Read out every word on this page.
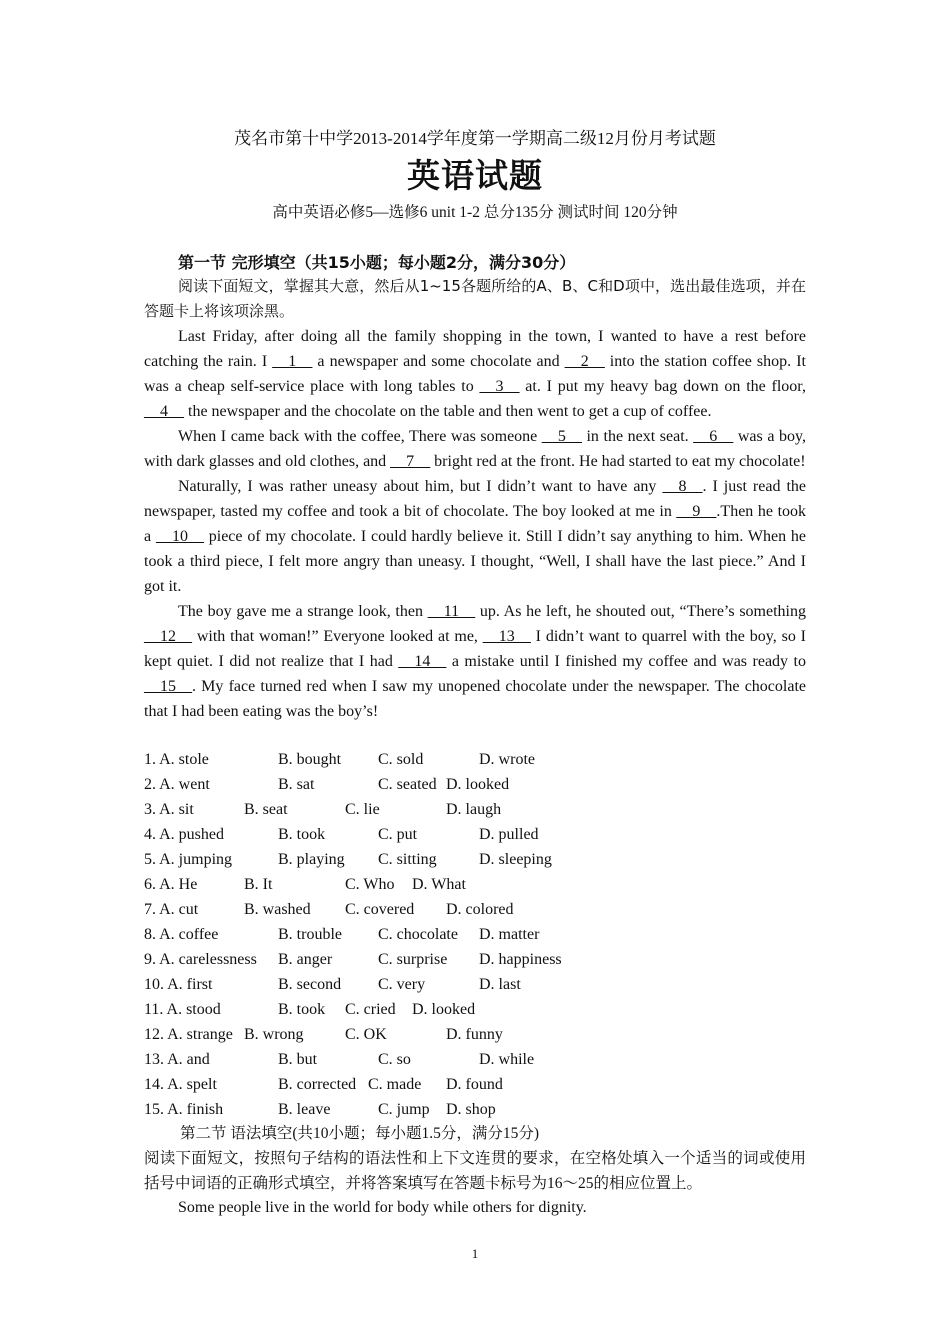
茂名市第十中学2013-2014学年度第一学期高二级12月份月考试题
英语试题
高中英语必修5—选修6 unit 1-2 总分135分 测试时间 120分钟
第一节 完形填空（共15小题；每小题2分，满分30分）
阅读下面短文，掌握其大意，然后从1~15各题所给的A、B、C和D项中，选出最佳选项，并在答题卡上将该项涂黑。

Last Friday, after doing all the family shopping in the town, I wanted to have a rest before catching the rain. I __1__ a newspaper and some chocolate and __2__ into the station coffee shop. It was a cheap self-service place with long tables to __3__ at. I put my heavy bag down on the floor, __4__ the newspaper and the chocolate on the table and then went to get a cup of coffee.

When I came back with the coffee, There was someone __5__ in the next seat. __6__ was a boy, with dark glasses and old clothes, and __7__ bright red at the front. He had started to eat my chocolate!

Naturally, I was rather uneasy about him, but I didn’t want to have any __8__. I just read the newspaper, tasted my coffee and took a bit of chocolate. The boy looked at me in __9__.Then he took a __10__ piece of my chocolate. I could hardly believe it. Still I didn’t say anything to him. When he took a third piece, I felt more angry than uneasy. I thought, “Well, I shall have the last piece.” And I got it.

The boy gave me a strange look, then __11__ up. As he left, he shouted out, “There’s something __12__ with that woman!” Everyone looked at me, __13__ I didn’t want to quarrel with the boy, so I kept quiet. I did not realize that I had __14__ a mistake until I finished my coffee and was ready to __15__. My face turned red when I saw my unopened chocolate under the newspaper. The chocolate that I had been eating was the boy’s!

1. A. stole	B. bought C. sold	D. wrote
2. A. went	B. sat	C. seated D. looked
3. A. sit	B. seat	C. lie	D. laugh
4. A. pushed	B. took	C. put	D. pulled
5. A. jumping	B. playing C. sitting	D. sleeping
6. A. He	B. It	C. Who D. What
7. A. cut	B. washed C. covered D. colored
8. A. coffee	B. trouble C. chocolate D. matter
9. A. carelessness B. anger	C. surprise D. happiness
10. A. first	B. second C. very	D. last
11. A. stood	B. took C. cried D. looked
12. A. strange B. wrong	C. OK	D. funny
13. A. and	B. but	C. so	D. while
14. A. spelt	B. corrected C. made D. found
15. A. finish	B. leave	C. jump D. shop
第二节 语法填空(共10小题；每小题1.5分，满分15分)
阅读下面短文，按照句子结构的语法性和上下文连贯的要求，在空格处填入一个适当的词或使用括号中词语的正确形式填空，并将答案填写在答题卡标号为16～25的相应位置上。
Some people live in the world for body while others for dignity.
1
